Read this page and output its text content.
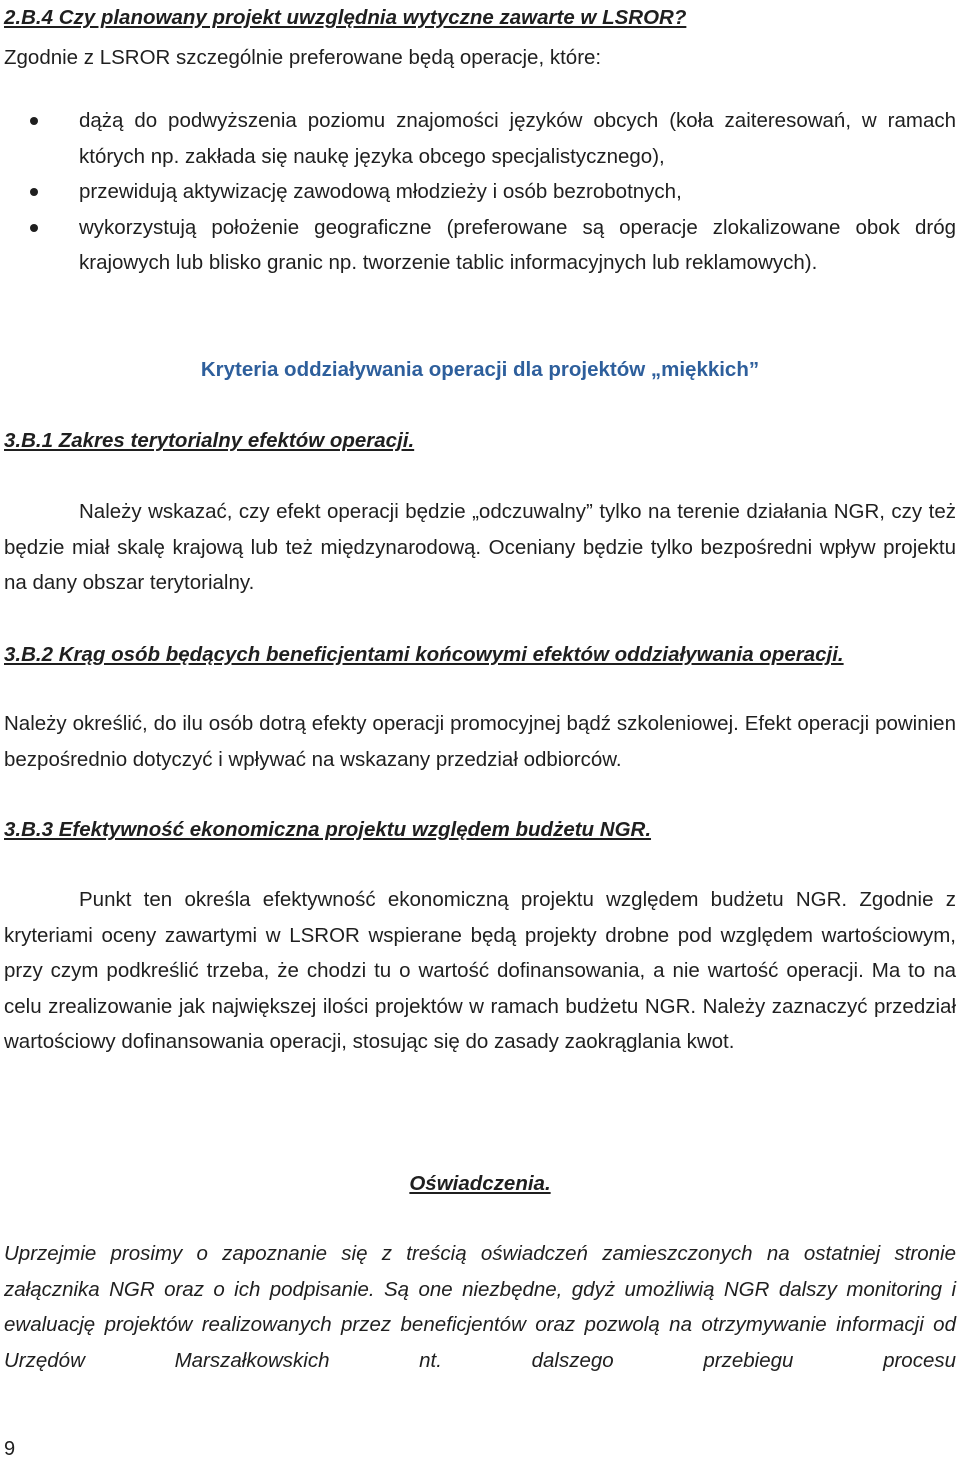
2.B.4 Czy planowany projekt uwzględnia wytyczne zawarte w LSROR?

Zgodnie z LSROR szczególnie preferowane będą operacje, które:

dążą do podwyższenia poziomu znajomości języków obcych (koła zaiteresowań, w ramach których np. zakłada się naukę języka obcego specjalistycznego),
przewidują aktywizację zawodową młodzieży i osób bezrobotnych,
wykorzystują położenie geograficzne (preferowane są operacje zlokalizowane obok dróg krajowych lub blisko granic np. tworzenie tablic informacyjnych lub reklamowych).

Kryteria oddziaływania operacji dla projektów „miękkich”

3.B.1 Zakres terytorialny efektów operacji.

Należy wskazać, czy efekt operacji będzie „odczuwalny” tylko na terenie działania NGR, czy też będzie miał skalę krajową lub też międzynarodową. Oceniany będzie tylko bezpośredni wpływ projektu na dany obszar terytorialny.

3.B.2 Krąg osób będących beneficjentami końcowymi efektów oddziaływania operacji.

Należy określić, do ilu osób dotrą efekty operacji promocyjnej bądź szkoleniowej. Efekt operacji powinien bezpośrednio dotyczyć i wpływać na wskazany przedział odbiorców.

3.B.3 Efektywność ekonomiczna projektu względem budżetu NGR.

Punkt ten określa efektywność ekonomiczną projektu względem budżetu NGR. Zgodnie z kryteriami oceny zawartymi w LSROR wspierane będą projekty drobne pod względem wartościowym, przy czym podkreślić trzeba, że chodzi tu o wartość dofinansowania, a nie wartość operacji. Ma to na celu zrealizowanie jak największej ilości projektów w ramach budżetu NGR. Należy zaznaczyć przedział wartościowy dofinansowania operacji, stosując się do zasady zaokrąglania kwot.

Oświadczenia.

Uprzejmie prosimy o zapoznanie się z treścią oświadczeń zamieszczonych na ostatniej stronie załącznika NGR oraz o ich podpisanie. Są one niezbędne, gdyż umożliwią NGR dalszy monitoring i ewaluację projektów realizowanych przez beneficjentów oraz pozwolą na otrzymywanie informacji od Urzędów Marszałkowskich nt. dalszego przebiegu procesu

9
